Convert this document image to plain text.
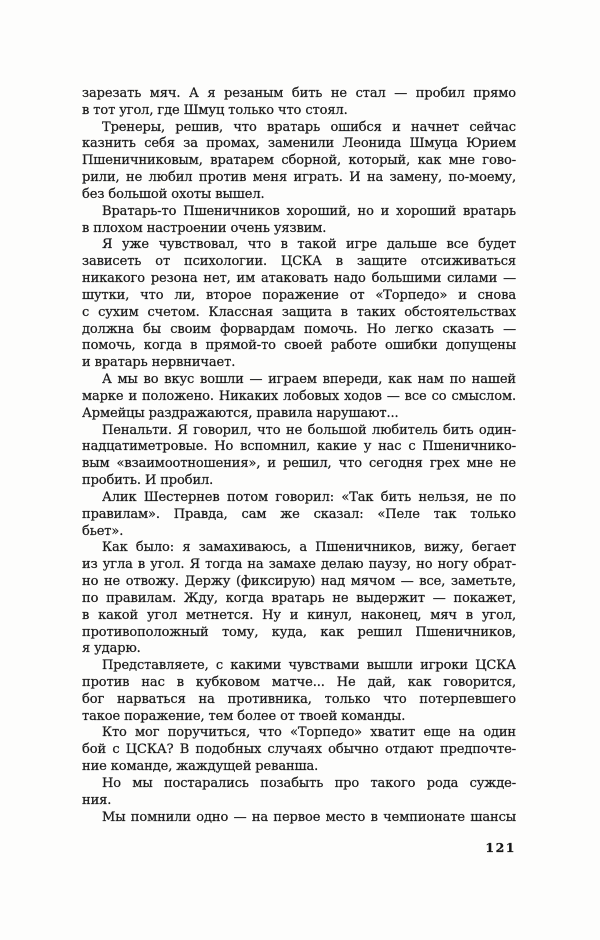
зарезать мяч. А я резаным бить не стал — пробил прямо
в тот угол, где Шмуц только что стоял.
Тренеры, решив, что вратарь ошибся и начнет сейчас
казнить себя за промах, заменили Леонида Шмуца Юрием
Пшеничниковым, вратарем сборной, который, как мне гово-
рили, не любил против меня играть. И на замену, по-моему,
без большой охоты вышел.
Вратарь-то Пшеничников хороший, но и хороший вратарь
в плохом настроении очень уязвим.
Я уже чувствовал, что в такой игре дальше все будет
зависеть от психологии. ЦСКА в защите отсиживаться
никакого резона нет, им атаковать надо большими силами —
шутки, что ли, второе поражение от «Торпедо» и снова
с сухим счетом. Классная защита в таких обстоятельствах
должна бы своим форвардам помочь. Но легко сказать —
помочь, когда в прямой-то своей работе ошибки допущены
и вратарь нервничает.
А мы во вкус вошли — играем впереди, как нам по нашей
марке и положено. Никаких лобовых ходов — все со смыслом.
Армейцы раздражаются, правила нарушают...
Пенальти. Я говорил, что не большой любитель бить один-
надцатиметровые. Но вспомнил, какие у нас с Пшеничнико-
вым «взаимоотношения», и решил, что сегодня грех мне не
пробить. И пробил.
Алик Шестернев потом говорил: «Так бить нельзя, не по
правилам». Правда, сам же сказал: «Пеле так только
бьет».
Как было: я замахиваюсь, а Пшеничников, вижу, бегает
из угла в угол. Я тогда на замахе делаю паузу, но ногу обрат-
но не отвожу. Держу (фиксирую) над мячом — все, заметьте,
по правилам. Жду, когда вратарь не выдержит — покажет,
в какой угол метнется. Ну и кинул, наконец, мяч в угол,
противоположный тому, куда, как решил Пшеничников,
я ударю.
Представляете, с какими чувствами вышли игроки ЦСКА
против нас в кубковом матче... Не дай, как говорится,
бог нарваться на противника, только что потерпевшего
такое поражение, тем более от твоей команды.
Кто мог поручиться, что «Торпедо» хватит еще на один
бой с ЦСКА? В подобных случаях обычно отдают предпочте-
ние команде, жаждущей реванша.
Но мы постарались позабыть про такого рода сужде-
ния.
Мы помнили одно — на первое место в чемпионате шансы
121
